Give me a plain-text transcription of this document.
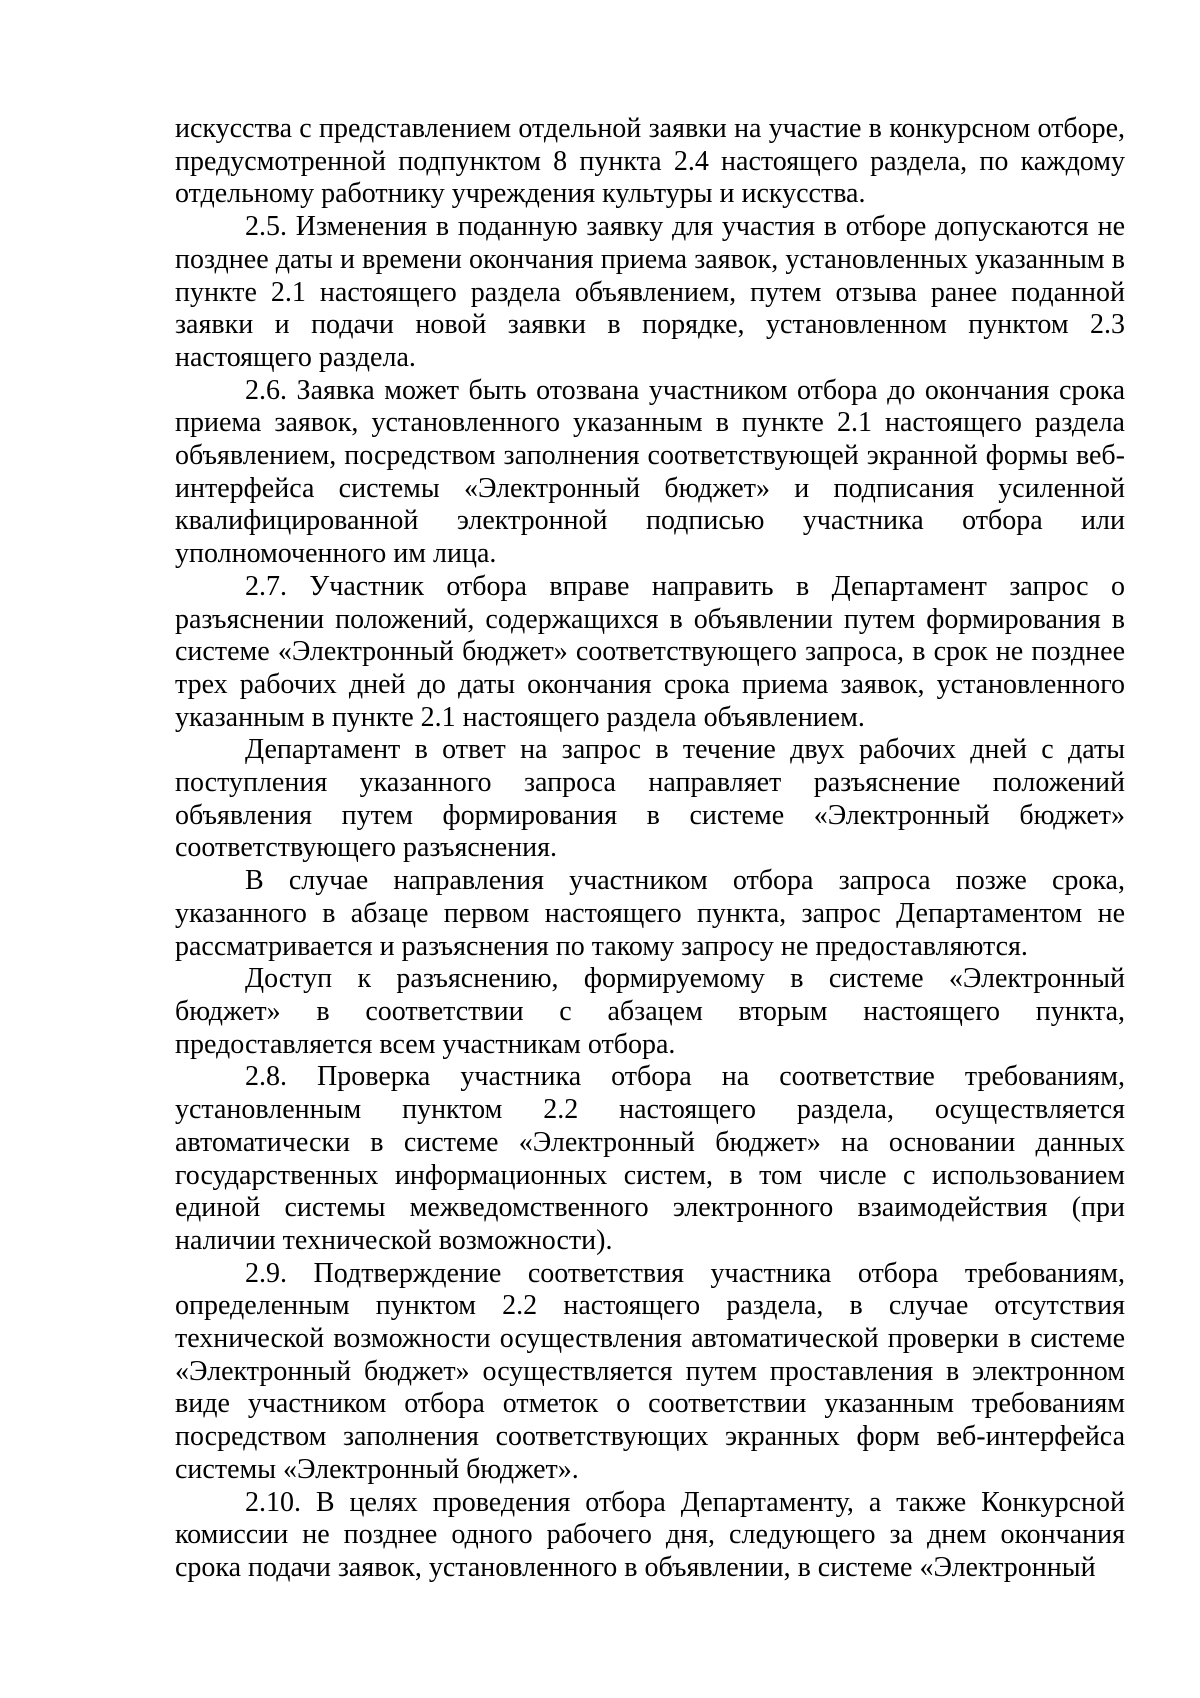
искусства с представлением отдельной заявки на участие в конкурсном отборе, предусмотренной подпунктом 8 пункта 2.4 настоящего раздела, по каждому отдельному работнику учреждения культуры и искусства.

2.5. Изменения в поданную заявку для участия в отборе допускаются не позднее даты и времени окончания приема заявок, установленных указанным в пункте 2.1 настоящего раздела объявлением, путем отзыва ранее поданной заявки и подачи новой заявки в порядке, установленном пунктом 2.3 настоящего раздела.

2.6. Заявка может быть отозвана участником отбора до окончания срока приема заявок, установленного указанным в пункте 2.1 настоящего раздела объявлением, посредством заполнения соответствующей экранной формы веб-интерфейса системы «Электронный бюджет» и подписания усиленной квалифицированной электронной подписью участника отбора или уполномоченного им лица.

2.7. Участник отбора вправе направить в Департамент запрос о разъяснении положений, содержащихся в объявлении путем формирования в системе «Электронный бюджет» соответствующего запроса, в срок не позднее трех рабочих дней до даты окончания срока приема заявок, установленного указанным в пункте 2.1 настоящего раздела объявлением.

Департамент в ответ на запрос в течение двух рабочих дней с даты поступления указанного запроса направляет разъяснение положений объявления путем формирования в системе «Электронный бюджет» соответствующего разъяснения.

В случае направления участником отбора запроса позже срока, указанного в абзаце первом настоящего пункта, запрос Департаментом не рассматривается и разъяснения по такому запросу не предоставляются.

Доступ к разъяснению, формируемому в системе «Электронный бюджет» в соответствии с абзацем вторым настоящего пункта, предоставляется всем участникам отбора.

2.8. Проверка участника отбора на соответствие требованиям, установленным пунктом 2.2 настоящего раздела, осуществляется автоматически в системе «Электронный бюджет» на основании данных государственных информационных систем, в том числе с использованием единой системы межведомственного электронного взаимодействия (при наличии технической возможности).

2.9. Подтверждение соответствия участника отбора требованиям, определенным пунктом 2.2 настоящего раздела, в случае отсутствия технической возможности осуществления автоматической проверки в системе «Электронный бюджет» осуществляется путем проставления в электронном виде участником отбора отметок о соответствии указанным требованиям посредством заполнения соответствующих экранных форм веб-интерфейса системы «Электронный бюджет».

2.10. В целях проведения отбора Департаменту, а также Конкурсной комиссии не позднее одного рабочего дня, следующего за днем окончания срока подачи заявок, установленного в объявлении, в системе «Электронный
